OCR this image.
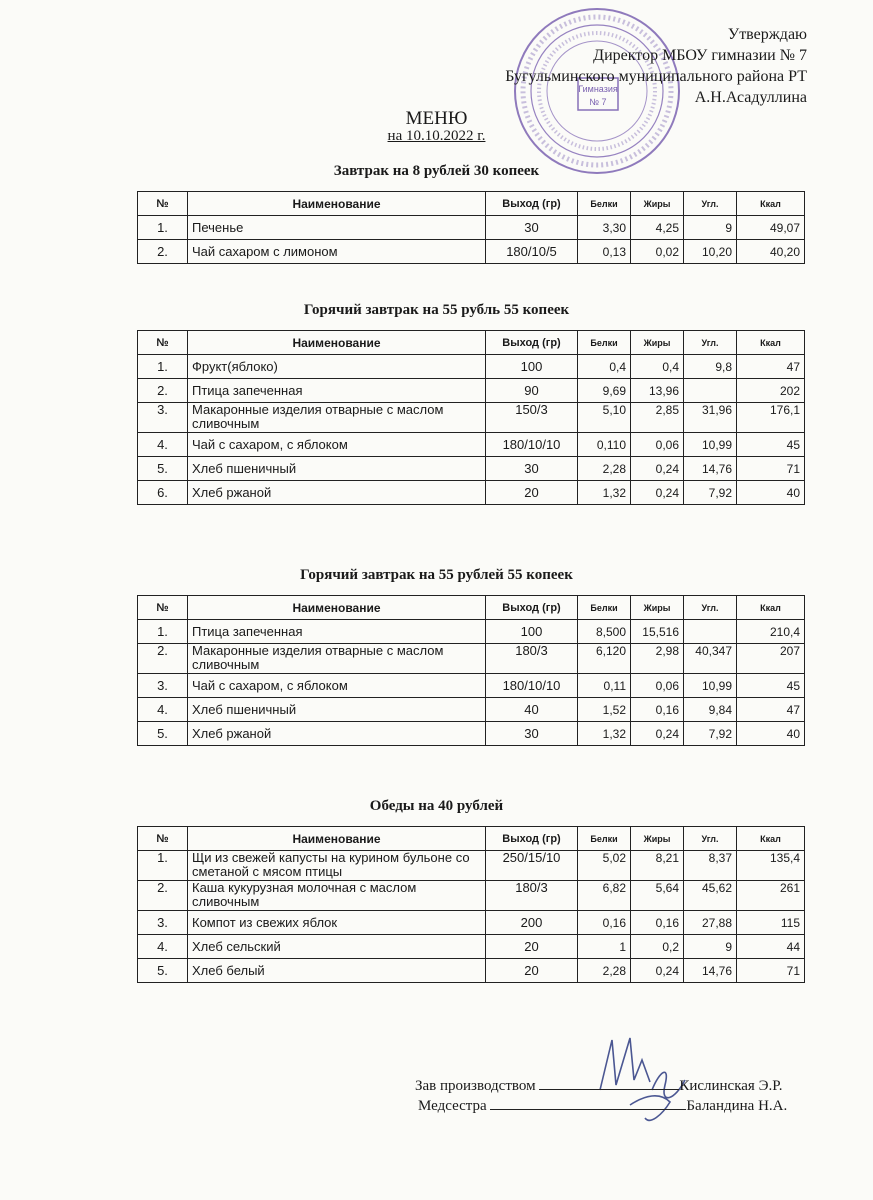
Гимназия
№ 7
Утверждаю
Директор МБОУ гимназии № 7
Бугульминского муниципального района РТ
А.Н.Асадуллина
МЕНЮ
на 10.10.2022 г.
Завтрак на 8 рублей 30 копеек
№	Наименование	Выход (гр)	Белки	Жиры	Угл.	Ккал
1.	Печенье	30	3,30	4,25	9	49,07
2.	Чай сахаром с лимоном	180/10/5	0,13	0,02	10,20	40,20
Горячий завтрак на 55 рубль 55 копеек
№	Наименование	Выход (гр)	Белки	Жиры	Угл.	Ккал
1.	Фрукт(яблоко)	100	0,4	0,4	9,8	47
2.	Птица запеченная	90	9,69	13,96		202
3.	Макаронные изделия отварные с маслом сливочным	150/3	5,10	2,85	31,96	176,1
4.	Чай с сахаром, с яблоком	180/10/10	0,110	0,06	10,99	45
5.	Хлеб пшеничный	30	2,28	0,24	14,76	71
6.	Хлеб ржаной	20	1,32	0,24	7,92	40
Горячий завтрак на 55 рублей 55 копеек
№	Наименование	Выход (гр)	Белки	Жиры	Угл.	Ккал
1.	Птица запеченная	100	8,500	15,516		210,4
2.	Макаронные изделия отварные с маслом сливочным	180/3	6,120	2,98	40,347	207
3.	Чай с сахаром, с яблоком	180/10/10	0,11	0,06	10,99	45
4.	Хлеб пшеничный	40	1,52	0,16	9,84	47
5.	Хлеб ржаной	30	1,32	0,24	7,92	40
Обеды на 40 рублей
№	Наименование	Выход (гр)	Белки	Жиры	Угл.	Ккал
1.	Щи из свежей капусты на курином бульоне со сметаной с мясом птицы	250/15/10	5,02	8,21	8,37	135,4
2.	Каша кукурузная молочная с маслом сливочным	180/3	6,82	5,64	45,62	261
3.	Компот из свежих яблок	200	0,16	0,16	27,88	115
4.	Хлеб сельский	20	1	0,2	9	44
5.	Хлеб белый	20	2,28	0,24	14,76	71
Зав производством	Кислинская Э.Р.
Медсестра	Баландина Н.А.
